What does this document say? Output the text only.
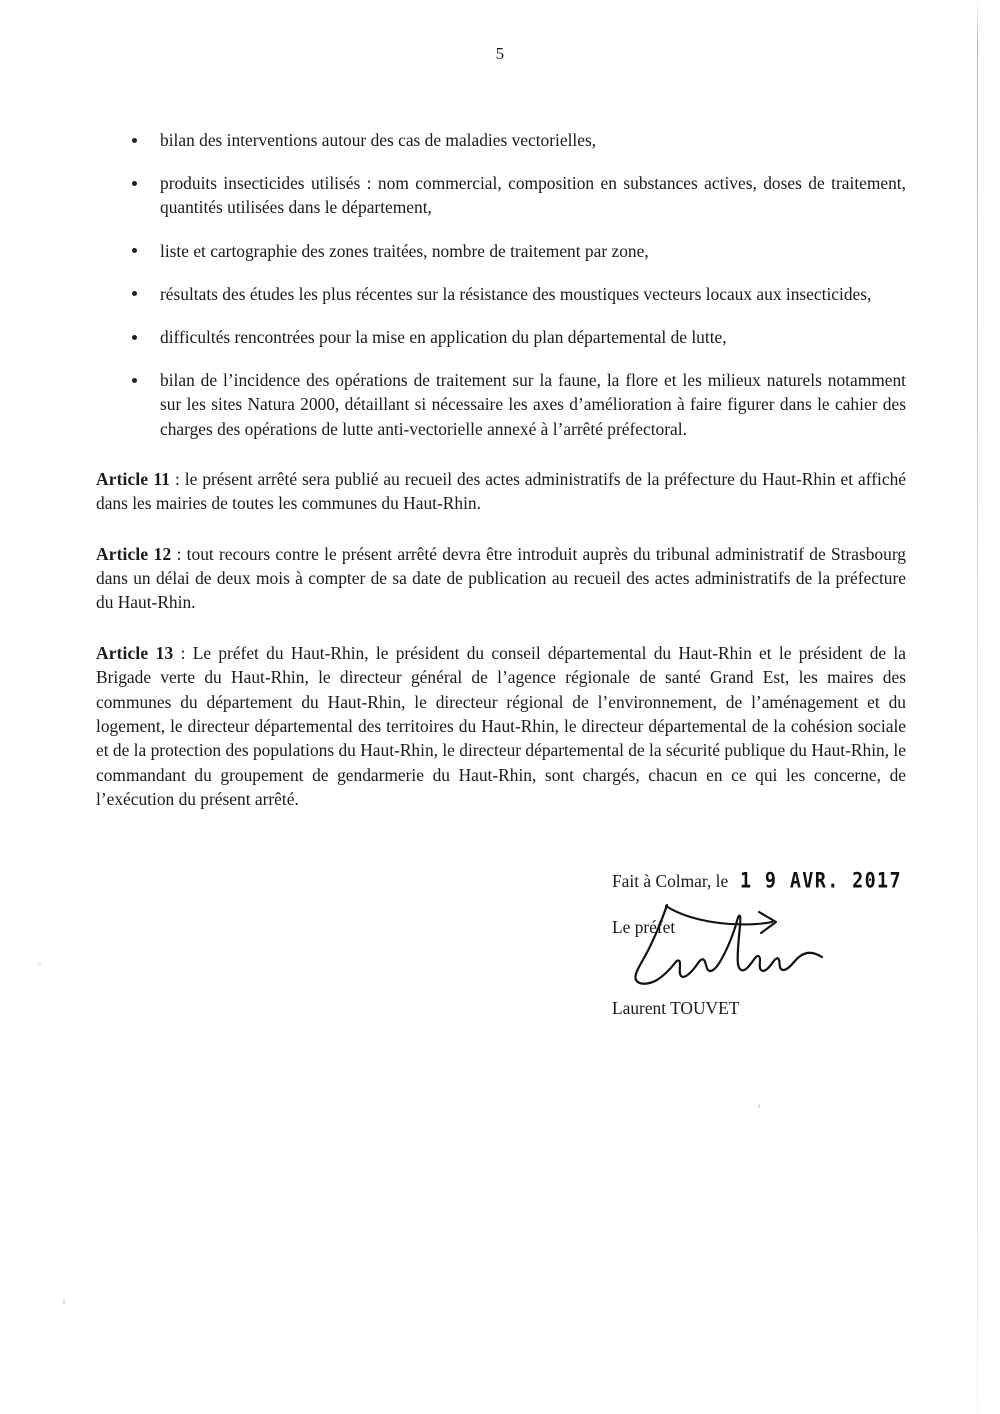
5
bilan des interventions autour des cas de maladies vectorielles,
produits insecticides utilisés : nom commercial, composition en substances actives, doses de traitement, quantités utilisées dans le département,
liste et cartographie des zones traitées, nombre de traitement par zone,
résultats des études les plus récentes sur la résistance des moustiques vecteurs locaux aux insecticides,
difficultés rencontrées pour la mise en application du plan départemental de lutte,
bilan de l’incidence des opérations de traitement sur la faune, la flore et les milieux naturels notamment sur les sites Natura 2000, détaillant si nécessaire les axes d’amélioration à faire figurer dans le cahier des charges des opérations de lutte anti-vectorielle annexé à l’arrêté préfectoral.

Article 11 : le présent arrêté sera publié au recueil des actes administratifs de la préfecture du Haut-Rhin et affiché dans les mairies de toutes les communes du Haut-Rhin.

Article 12 : tout recours contre le présent arrêté devra être introduit auprès du tribunal administratif de Strasbourg dans un délai de deux mois à compter de sa date de publication au recueil des actes administratifs de la préfecture du Haut-Rhin.

Article 13 : Le préfet du Haut-Rhin, le président du conseil départemental du Haut-Rhin et le président de la Brigade verte du Haut-Rhin, le directeur général de l’agence régionale de santé Grand Est, les maires des communes du département du Haut-Rhin, le directeur régional de l’environnement, de l’aménagement et du logement, le directeur départemental des territoires du Haut-Rhin, le directeur départemental de la cohésion sociale et de la protection des populations du Haut-Rhin, le directeur départemental de la sécurité publique du Haut-Rhin, le commandant du groupement de gendarmerie du Haut-Rhin, sont chargés, chacun en ce qui les concerne, de l’exécution du présent arrêté.

Fait à Colmar, le 1 9 AVR. 2017
Le préfet
Laurent TOUVET
